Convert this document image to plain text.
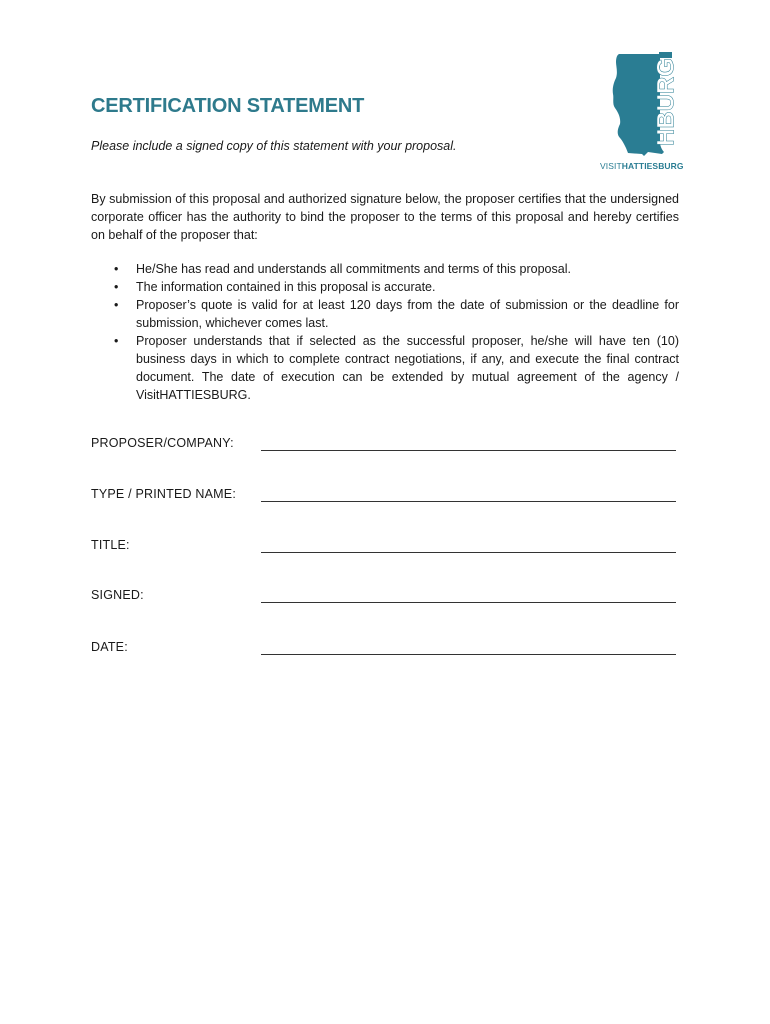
CERTIFICATION STATEMENT

Please include a signed copy of this statement with your proposal.	HBURG
VISITHATTIESBURG

By submission of this proposal and authorized signature below, the proposer certifies that the undersigned corporate officer has the authority to bind the proposer to the terms of this proposal and hereby certifies on behalf of the proposer that:

• He/She has read and understands all commitments and terms of this proposal.
• The information contained in this proposal is accurate.
• Proposer’s quote is valid for at least 120 days from the date of submission or the deadline for submission, whichever comes last.
• Proposer understands that if selected as the successful proposer, he/she will have ten (10) business days in which to complete contract negotiations, if any, and execute the final contract document. The date of execution can be extended by mutual agreement of the agency / VisitHATTIESBURG.
PROPOSER/COMPANY:
TYPE / PRINTED NAME:
TITLE:
SIGNED:
DATE:
